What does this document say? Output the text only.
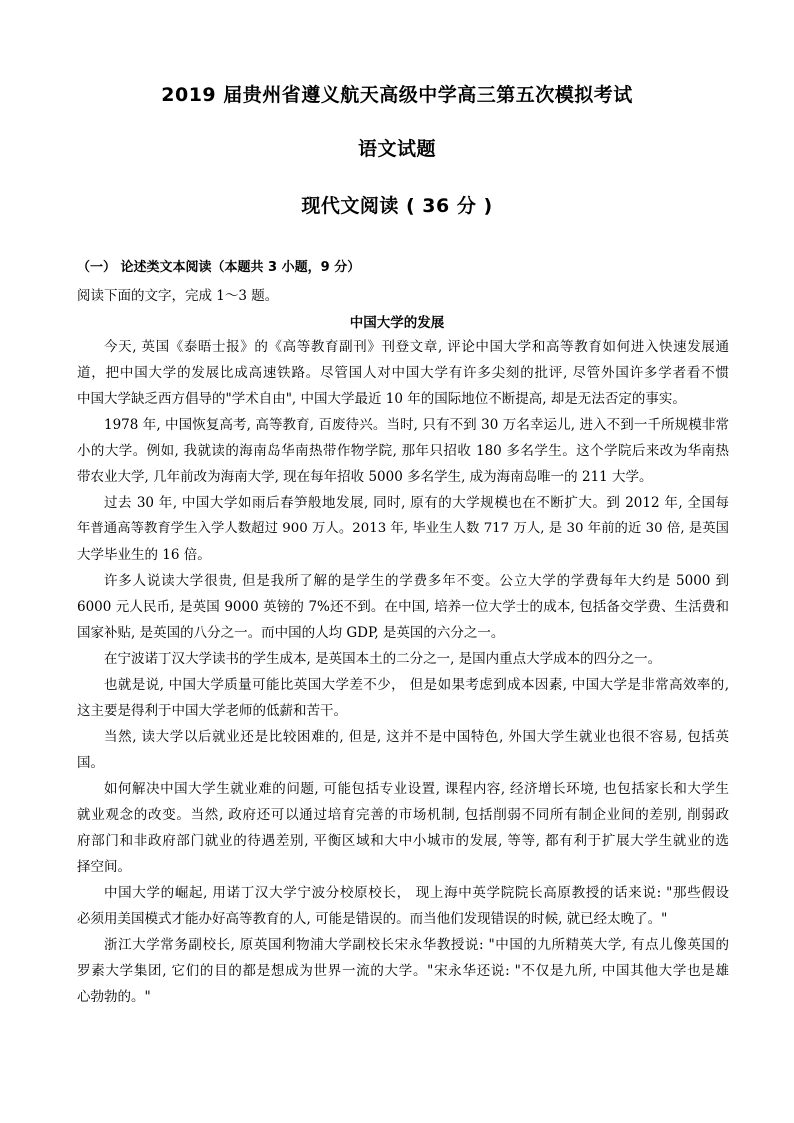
2019 届贵州省遵义航天高级中学高三第五次模拟考试
语文试题
现代文阅读 ( 36 分 )
（一） 论述类文本阅读（本题共 3 小题，9 分）
阅读下面的文字，完成 1～3 题。
中国大学的发展
今天, 英国《泰晤士报》的《高等教育副刊》刊登文章, 评论中国大学和高等教育如何进入快速发展通
道，把中国大学的发展比成高速铁路。尽管国人对中国大学有许多尖刻的批评, 尽管外国许多学者看不惯
中国大学缺乏西方倡导的"学术自由", 中国大学最近 10 年的国际地位不断提高, 却是无法否定的事实。
1978 年, 中国恢复高考, 高等教育, 百废待兴。当时, 只有不到 30 万名幸运儿, 进入不到一千所规模非常
小的大学。例如, 我就读的海南岛华南热带作物学院, 那年只招收 180 多名学生。这个学院后来改为华南热
带农业大学, 几年前改为海南大学, 现在每年招收 5000 多名学生, 成为海南岛唯一的 211 大学。
过去 30 年, 中国大学如雨后春笋般地发展, 同时, 原有的大学规模也在不断扩大。到 2012 年, 全国每
年普通高等教育学生入学人数超过 900 万人。2013 年, 毕业生人数 717 万人, 是 30 年前的近 30 倍, 是英国
大学毕业生的 16 倍。
许多人说读大学很贵, 但是我所了解的是学生的学费多年不变。公立大学的学费每年大约是 5000 到
6000 元人民币, 是英国 9000 英镑的 7%还不到。在中国, 培养一位大学士的成本, 包括备交学费、生活费和
国家补贴, 是英国的八分之一。而中国的人均 GDP, 是英国的六分之一。
在宁波诺丁汉大学读书的学生成本, 是英国本土的二分之一, 是国内重点大学成本的四分之一。
也就是说, 中国大学质量可能比英国大学差不少， 但是如果考虑到成本因素, 中国大学是非常高效率的,
这主要是得利于中国大学老师的低薪和苦干。
当然, 读大学以后就业还是比较困难的, 但是, 这并不是中国特色, 外国大学生就业也很不容易, 包括英
国。
如何解决中国大学生就业难的问题, 可能包括专业设置, 课程内容, 经济增长环境, 也包括家长和大学生
就业观念的改变。当然, 政府还可以通过培育完善的市场机制, 包括削弱不同所有制企业间的差别, 削弱政
府部门和非政府部门就业的待遇差别, 平衡区域和大中小城市的发展, 等等, 都有利于扩展大学生就业的选
择空间。
中国大学的崛起, 用诺丁汉大学宁波分校原校长， 现上海中英学院院长高原教授的话来说: "那些假设
必须用美国模式才能办好高等教育的人, 可能是错误的。而当他们发现错误的时候, 就已经太晚了。"
浙江大学常务副校长, 原英国利物浦大学副校长宋永华教授说: "中国的九所精英大学, 有点儿像英国的
罗素大学集团, 它们的目的都是想成为世界一流的大学。"宋永华还说: "不仅是九所, 中国其他大学也是雄
心勃勃的。"
